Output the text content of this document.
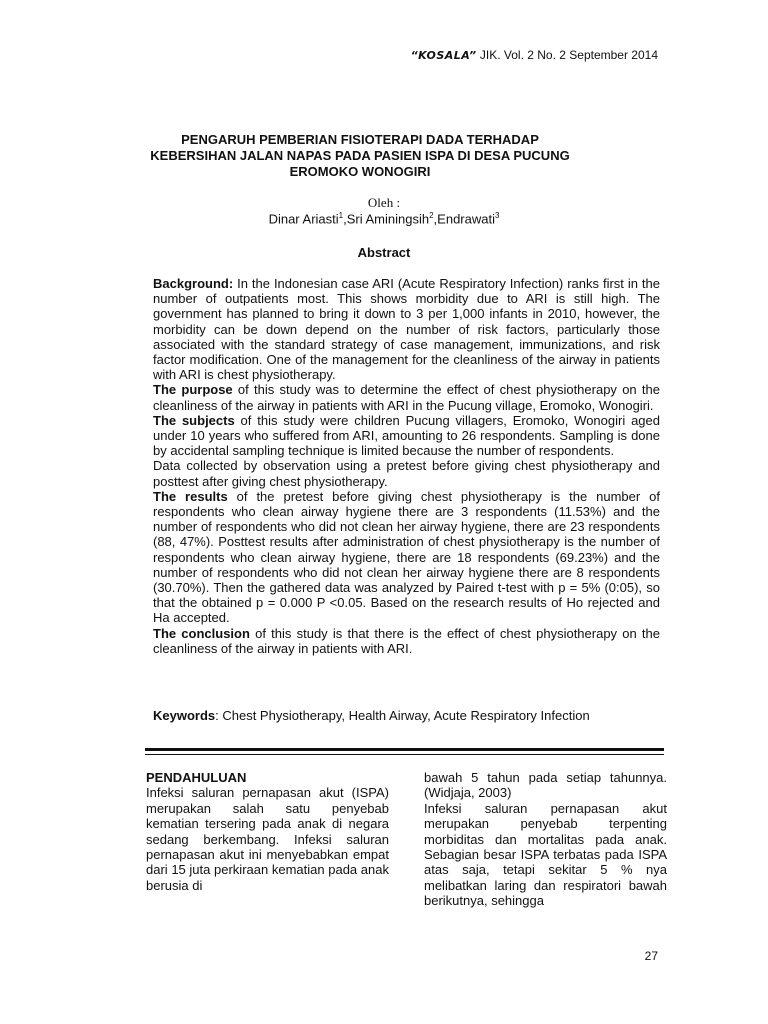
“KOSALA” JIK. Vol. 2 No. 2 September 2014
PENGARUH PEMBERIAN FISIOTERAPI DADA TERHADAP KEBERSIHAN JALAN NAPAS PADA PASIEN ISPA DI DESA PUCUNG EROMOKO WONOGIRI
Oleh :
Dinar Ariasti$^1$,Sri Aminingsih$^2$,Endrawati$^3$
Abstract

Background: In the Indonesian case ARI (Acute Respiratory Infection) ranks first in the number of outpatients most. This shows morbidity due to ARI is still high. The government has planned to bring it down to 3 per 1,000 infants in 2010, however, the morbidity can be down depend on the number of risk factors, particularly those associated with the standard strategy of case management, immunizations, and risk factor modification. One of the management for the cleanliness of the airway in patients with ARI is chest physiotherapy.

The purpose of this study was to determine the effect of chest physiotherapy on the cleanliness of the airway in patients with ARI in the Pucung village, Eromoko, Wonogiri.

The subjects of this study were children Pucung villagers, Eromoko, Wonogiri aged under 10 years who suffered from ARI, amounting to 26 respondents. Sampling is done by accidental sampling technique is limited because the number of respondents.

Data collected by observation using a pretest before giving chest physiotherapy and posttest after giving chest physiotherapy.

The results of the pretest before giving chest physiotherapy is the number of respondents who clean airway hygiene there are 3 respondents (11.53%) and the number of respondents who did not clean her airway hygiene, there are 23 respondents (88, 47%). Posttest results after administration of chest physiotherapy is the number of respondents who clean airway hygiene, there are 18 respondents (69.23%) and the number of respondents who did not clean her airway hygiene there are 8 respondents (30.70%). Then the gathered data was analyzed by Paired t-test with p = 5% (0:05), so that the obtained p = 0.000 P <0.05. Based on the research results of Ho rejected and Ha accepted.

The conclusion of this study is that there is the effect of chest physiotherapy on the cleanliness of the airway in patients with ARI.

Keywords: Chest Physiotherapy, Health Airway, Acute Respiratory Infection

PENDAHULUAN

Infeksi saluran pernapasan akut (ISPA) merupakan salah satu penyebab kematian tersering pada anak di negara sedang berkembang. Infeksi saluran pernapasan akut ini menyebabkan empat dari 15 juta perkiraan kematian pada anak berusia di

bawah 5 tahun pada setiap tahunnya. (Widjaja, 2003)

Infeksi saluran pernapasan akut merupakan penyebab terpenting morbiditas dan mortalitas pada anak. Sebagian besar ISPA terbatas pada ISPA atas saja, tetapi sekitar 5 % nya melibatkan laring dan respiratori bawah berikutnya, sehingga

27
